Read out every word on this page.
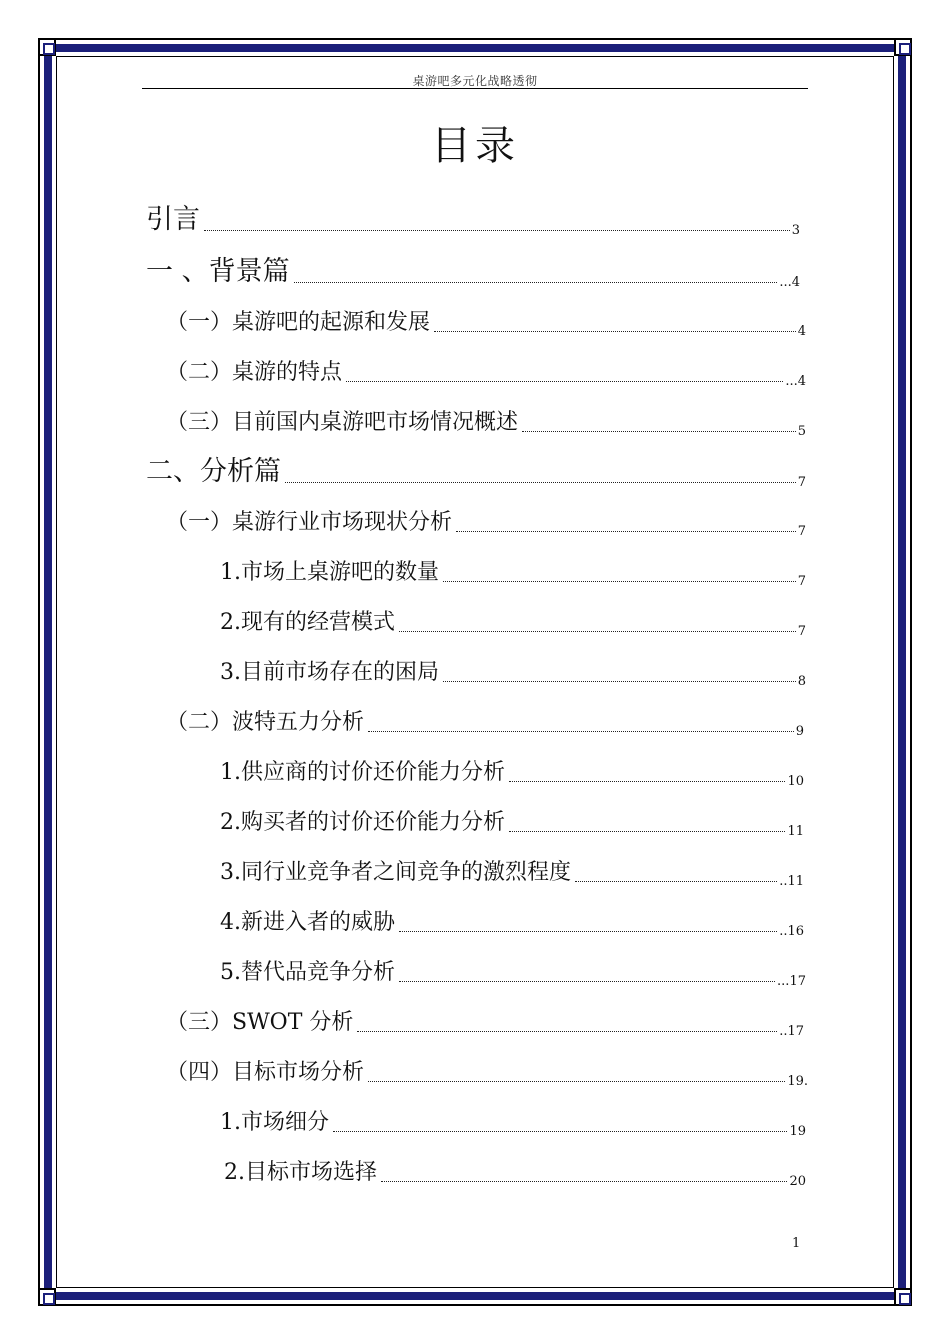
桌游吧多元化战略透彻
目录
引言	3
一 、背景篇	...4
（一）桌游吧的起源和发展	4
（二）桌游的特点	...4
（三）目前国内桌游吧市场情况概述	5
二、分析篇	7
（一）桌游行业市场现状分析	7
1.市场上桌游吧的数量	7
2.现有的经营模式	7
3.目前市场存在的困局	8
（二）波特五力分析	9
1.供应商的讨价还价能力分析	10
2.购买者的讨价还价能力分析	11
3.同行业竞争者之间竞争的激烈程度	..11
4.新进入者的威胁	..16
5.替代品竞争分析	...17
（三）SWOT 分析	..17
（四）目标市场分析	19.
1.市场细分	19
2.目标市场选择	20
1
